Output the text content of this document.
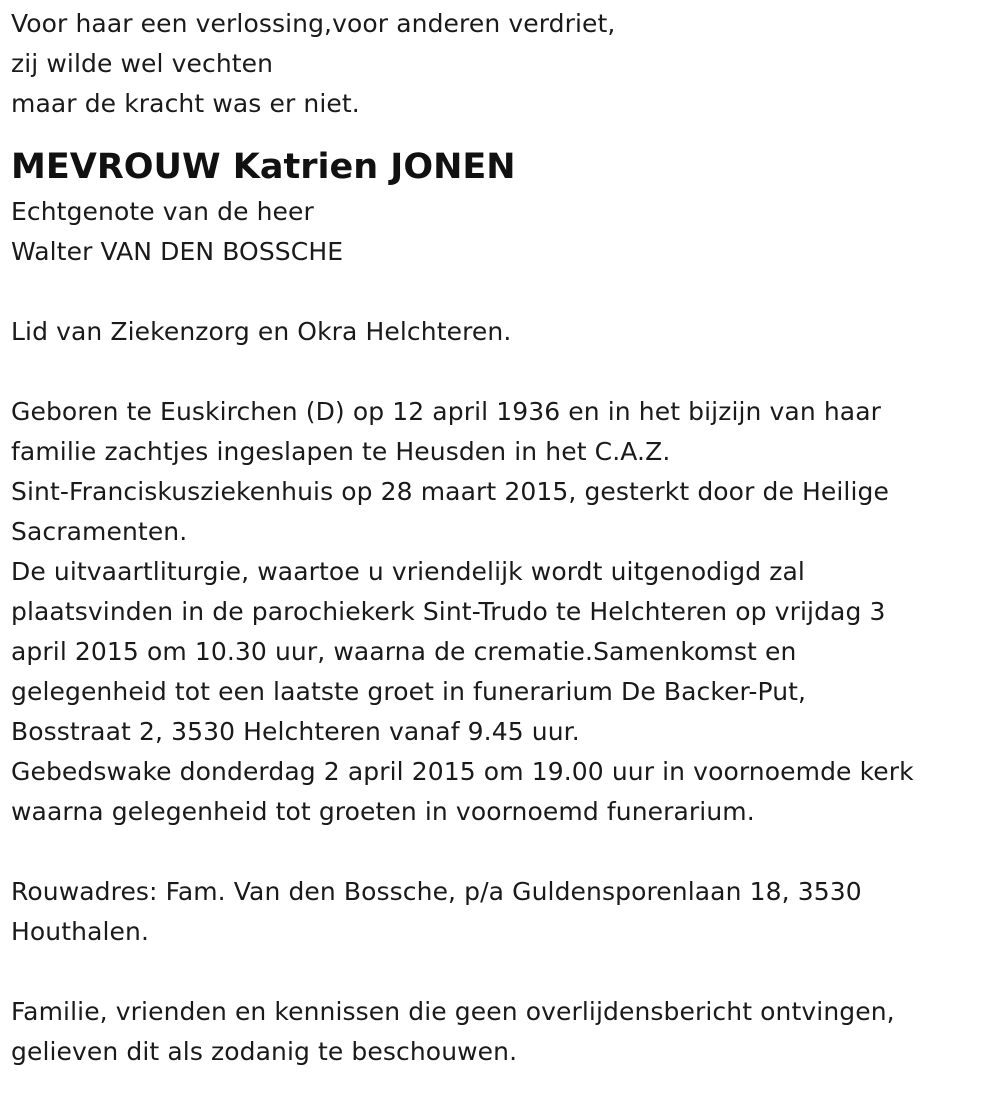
Voor haar een verlossing,voor anderen verdriet,
zij wilde wel vechten
maar de kracht was er niet.
MEVROUW Katrien JONEN
Echtgenote van de heer
Walter VAN DEN BOSSCHE
Lid van Ziekenzorg en Okra Helchteren.
Geboren te Euskirchen (D) op 12 april 1936 en in het bijzijn van haar
familie zachtjes ingeslapen te Heusden in het C.A.Z.
Sint-Franciskusziekenhuis op 28 maart 2015, gesterkt door de Heilige
Sacramenten.
De uitvaartliturgie, waartoe u vriendelijk wordt uitgenodigd zal
plaatsvinden in de parochiekerk Sint-Trudo te Helchteren op vrijdag 3
april 2015 om 10.30 uur, waarna de crematie.Samenkomst en
gelegenheid tot een laatste groet in funerarium De Backer-Put,
Bosstraat 2, 3530 Helchteren vanaf 9.45 uur.
Gebedswake donderdag 2 april 2015 om 19.00 uur in voornoemde kerk
waarna gelegenheid tot groeten in voornoemd funerarium.
Rouwadres: Fam. Van den Bossche, p/a Guldensporenlaan 18, 3530
Houthalen.
Familie, vrienden en kennissen die geen overlijdensbericht ontvingen,
gelieven dit als zodanig te beschouwen.
